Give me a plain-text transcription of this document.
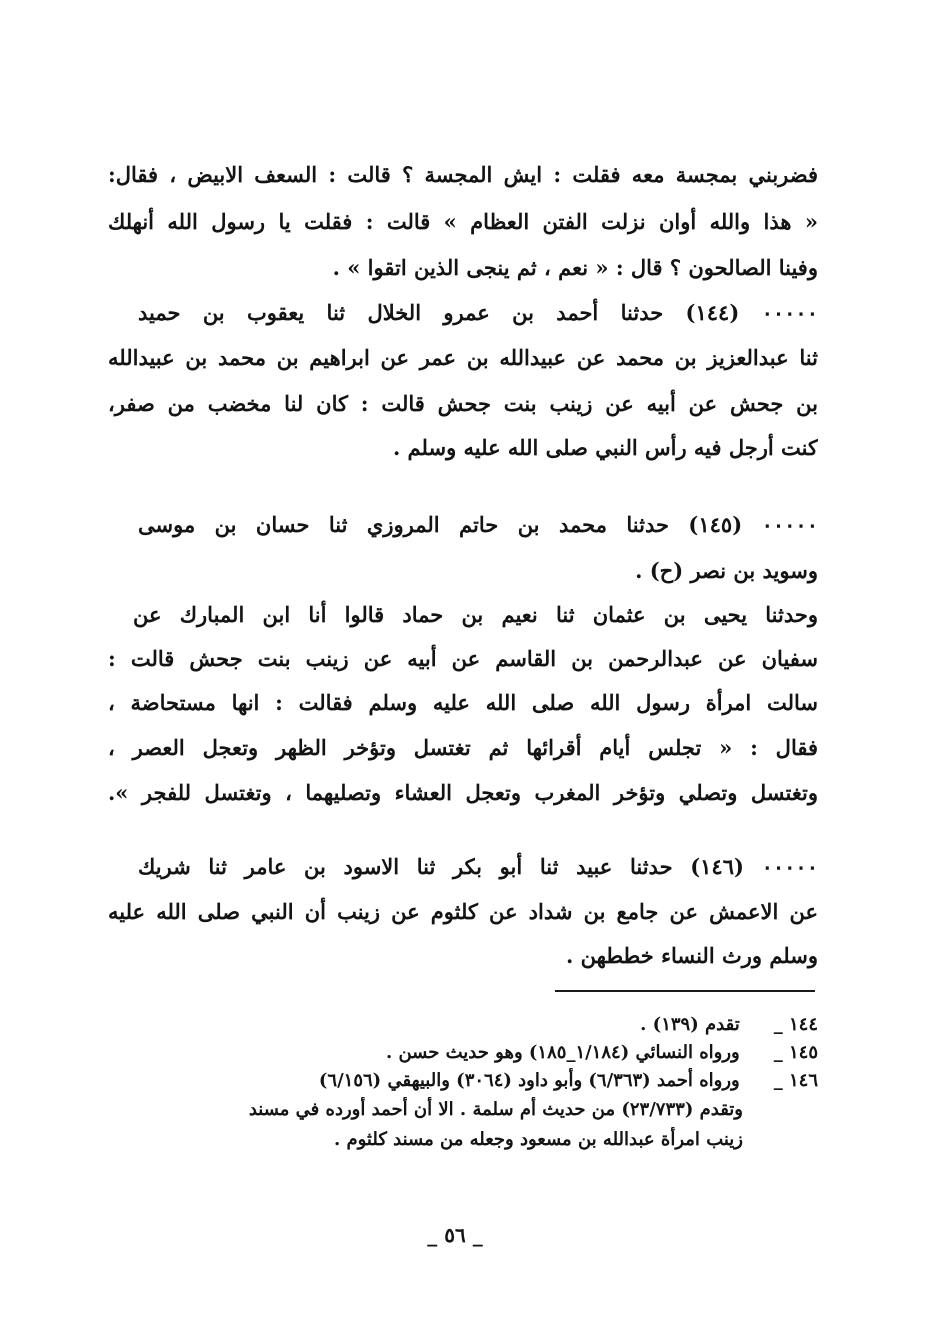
فضربني بمجسة معه فقلت : ايش المجسة ؟ قالت : السعف الابيض ، فقال:
« هذا والله أوان نزلت الفتن العظام » قالت : فقلت يا رسول الله أنهلك
وفينا الصالحون ؟ قال : « نعم ، ثم ينجى الذين اتقوا » .
٠٠٠٠٠ (١٤٤) حدثنا أحمد بن عمرو الخلال ثنا يعقوب بن حميد
ثنا عبدالعزيز بن محمد عن عبيدالله بن عمر عن ابراهيم بن محمد بن عبيدالله
بن جحش عن أبيه عن زينب بنت جحش قالت : كان لنا مخضب من صفر،
كنت أرجل فيه رأس النبي صلى الله عليه وسلم .
٠٠٠٠٠ (١٤٥) حدثنا محمد بن حاتم المروزي ثنا حسان بن موسى
وسويد بن نصر (ح) .
وحدثنا يحيى بن عثمان ثنا نعيم بن حماد قالوا أنا ابن المبارك عن
سفيان عن عبدالرحمن بن القاسم عن أبيه عن زينب بنت جحش قالت :
سالت امرأة رسول الله صلى الله عليه وسلم فقالت : انها مستحاضة ،
فقال : « تجلس أيام أقرائها ثم تغتسل وتؤخر الظهر وتعجل العصر ،
وتغتسل وتصلي وتؤخر المغرب وتعجل العشاء وتصليهما ، وتغتسل للفجر ».
٠٠٠٠٠ (١٤٦) حدثنا عبيد ثنا أبو بكر ثنا الاسود بن عامر ثنا شريك
عن الاعمش عن جامع بن شداد عن كلثوم عن زينب أن النبي صلى الله عليه
وسلم ورث النساء خططهن .
١٤٤ _ تقدم (١٣٩) .
١٤٥ _ ورواه النسائي (١/١٨٤_١٨٥) وهو حديث حسن .
١٤٦ _ ورواه أحمد (٦/٣٦٣) وأبو داود (٣٠٦٤) والبيهقي (٦/١٥٦)
وتقدم (٢٣/٧٣٣) من حديث أم سلمة . الا أن أحمد أورده في مسند
زينب امرأة عبدالله بن مسعود وجعله من مسند كلثوم .
_ ٥٦ _
